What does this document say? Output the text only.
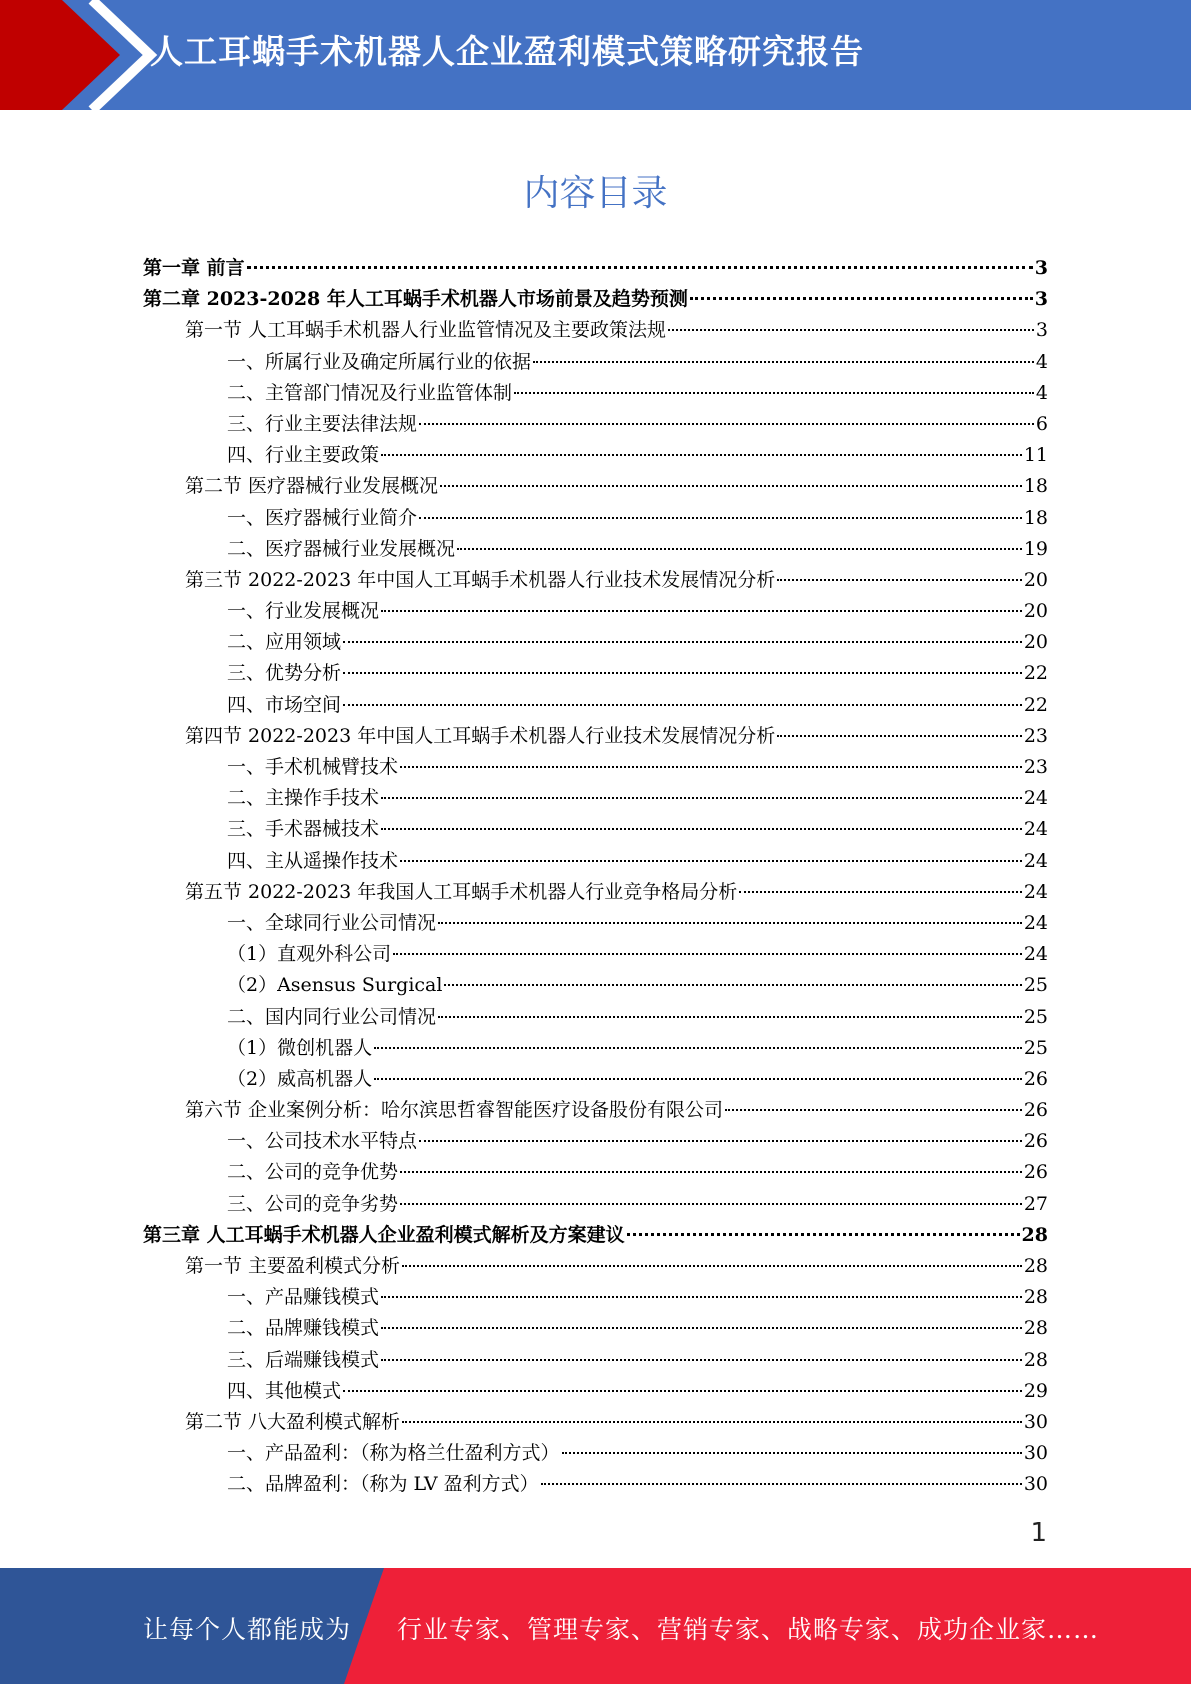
人工耳蜗手术机器人企业盈利模式策略研究报告
内容目录
第一章 前言	3
第二章 2023-2028 年人工耳蜗手术机器人市场前景及趋势预测	3
第一节 人工耳蜗手术机器人行业监管情况及主要政策法规	3
一、所属行业及确定所属行业的依据	4
二、主管部门情况及行业监管体制	4
三、行业主要法律法规	6
四、行业主要政策	11
第二节 医疗器械行业发展概况	18
一、医疗器械行业简介	18
二、医疗器械行业发展概况	19
第三节 2022-2023 年中国人工耳蜗手术机器人行业技术发展情况分析	20
一、行业发展概况	20
二、应用领域	20
三、优势分析	22
四、市场空间	22
第四节 2022-2023 年中国人工耳蜗手术机器人行业技术发展情况分析	23
一、手术机械臂技术	23
二、主操作手技术	24
三、手术器械技术	24
四、主从遥操作技术	24
第五节 2022-2023 年我国人工耳蜗手术机器人行业竞争格局分析	24
一、全球同行业公司情况	24
（1）直观外科公司	24
（2）Asensus Surgical	25
二、国内同行业公司情况	25
（1）微创机器人	25
（2）威高机器人	26
第六节 企业案例分析：哈尔滨思哲睿智能医疗设备股份有限公司	26
一、公司技术水平特点	26
二、公司的竞争优势	26
三、公司的竞争劣势	27
第三章 人工耳蜗手术机器人企业盈利模式解析及方案建议	28
第一节 主要盈利模式分析	28
一、产品赚钱模式	28
二、品牌赚钱模式	28
三、后端赚钱模式	28
四、其他模式	29
第二节 八大盈利模式解析	30
一、产品盈利：（称为格兰仕盈利方式）	30
二、品牌盈利：（称为 LV 盈利方式）	30
1
让每个人都能成为 行业专家、管理专家、营销专家、战略专家、成功企业家……
